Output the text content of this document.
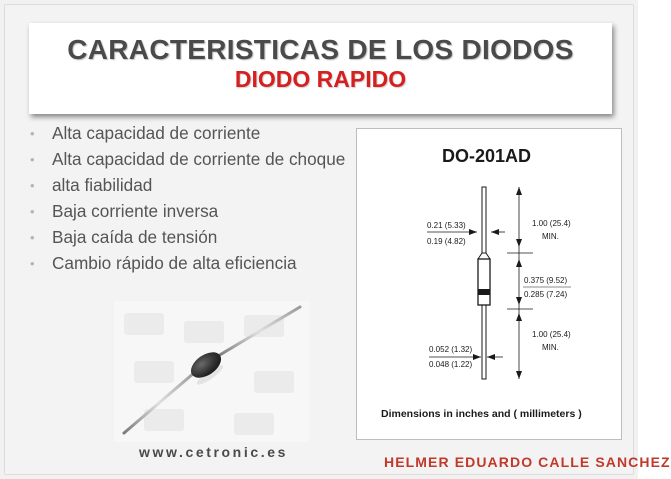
CARACTERISTICAS DE LOS DIODOS
DIODO RAPIDO
• Alta capacidad de corriente
• Alta capacidad de corriente de choque
• alta fiabilidad
• Baja corriente inversa
• Baja caída de tensión
• Cambio rápido de alta eficiencia
www.cetronic.es
DO-201AD
0.21 (5.33)
0.19 (4.82)
1.00 (25.4)
MIN.
0.375 (9.52)
0.285 (7.24)
1.00 (25.4)
MIN.
0.052 (1.32)
0.048 (1.22)
Dimensions in inches and ( millimeters )
HELMER EDUARDO CALLE SANCHEZ
